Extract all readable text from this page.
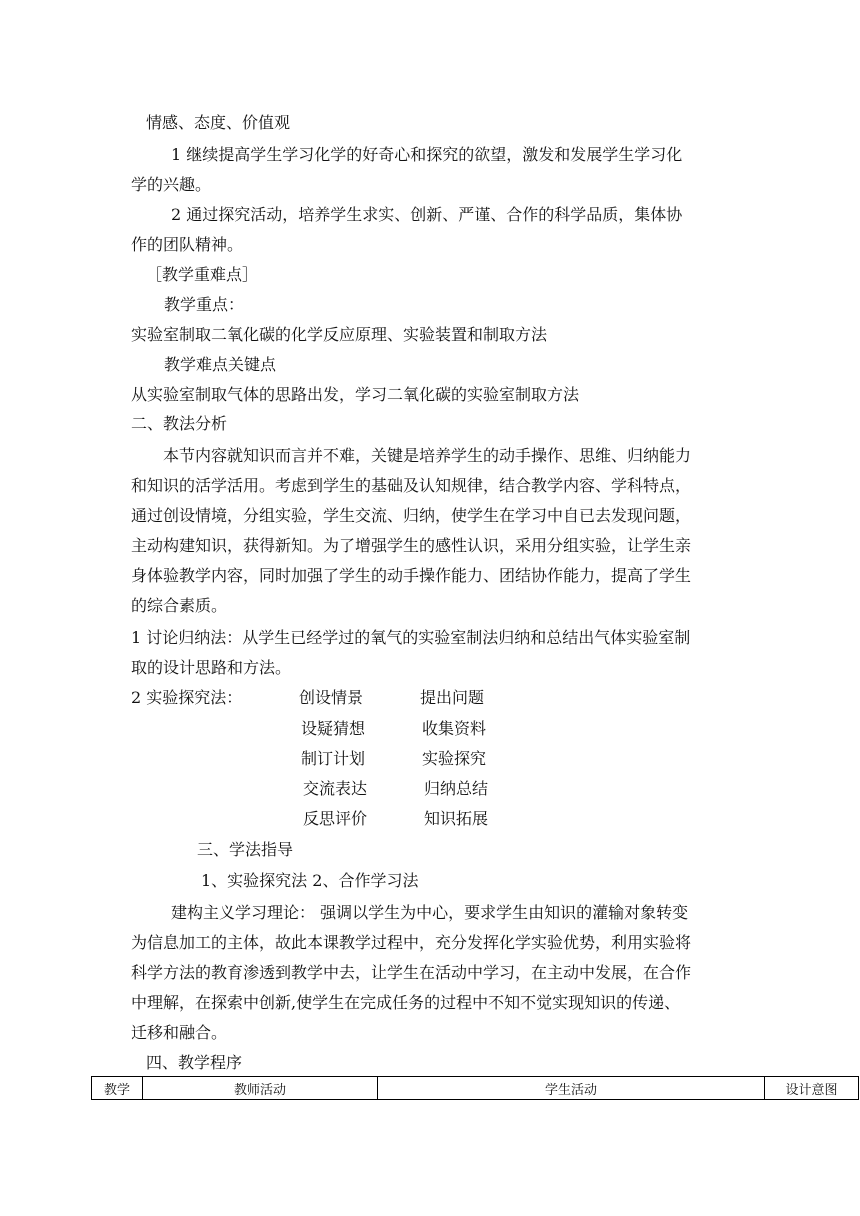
情感、态度、价值观
1 继续提高学生学习化学的好奇心和探究的欲望，激发和发展学生学习化
学的兴趣。
2 通过探究活动，培养学生求实、创新、严谨、合作的科学品质，集体协
作的团队精神。
［教学重难点］
教学重点：
实验室制取二氧化碳的化学反应原理、实验装置和制取方法
教学难点关键点
从实验室制取气体的思路出发，学习二氧化碳的实验室制取方法
二、教法分析
本节内容就知识而言并不难，关键是培养学生的动手操作、思维、归纳能力
和知识的活学活用。考虑到学生的基础及认知规律，结合教学内容、学科特点，
通过创设情境，分组实验，学生交流、归纳，使学生在学习中自已去发现问题，
主动构建知识，获得新知。为了增强学生的感性认识，采用分组实验，让学生亲
身体验教学内容，同时加强了学生的动手操作能力、团结协作能力，提高了学生
的综合素质。
1 讨论归纳法：从学生已经学过的氧气的实验室制法归纳和总结出气体实验室制
取的设计思路和方法。
2 实验探究法：	创设情景	提出问题
设疑猜想	收集资料
制订计划	实验探究
交流表达	归纳总结
反思评价	知识拓展
三、学法指导
1、实验探究法 2、合作学习法
建构主义学习理论： 强调以学生为中心，要求学生由知识的灌输对象转变
为信息加工的主体，故此本课教学过程中，充分发挥化学实验优势，利用实验将
科学方法的教育渗透到教学中去，让学生在活动中学习，在主动中发展，在合作
中理解，在探索中创新,使学生在完成任务的过程中不知不觉实现知识的传递、
迁移和融合。
四、教学程序
教学	教师活动	学生活动	设计意图
